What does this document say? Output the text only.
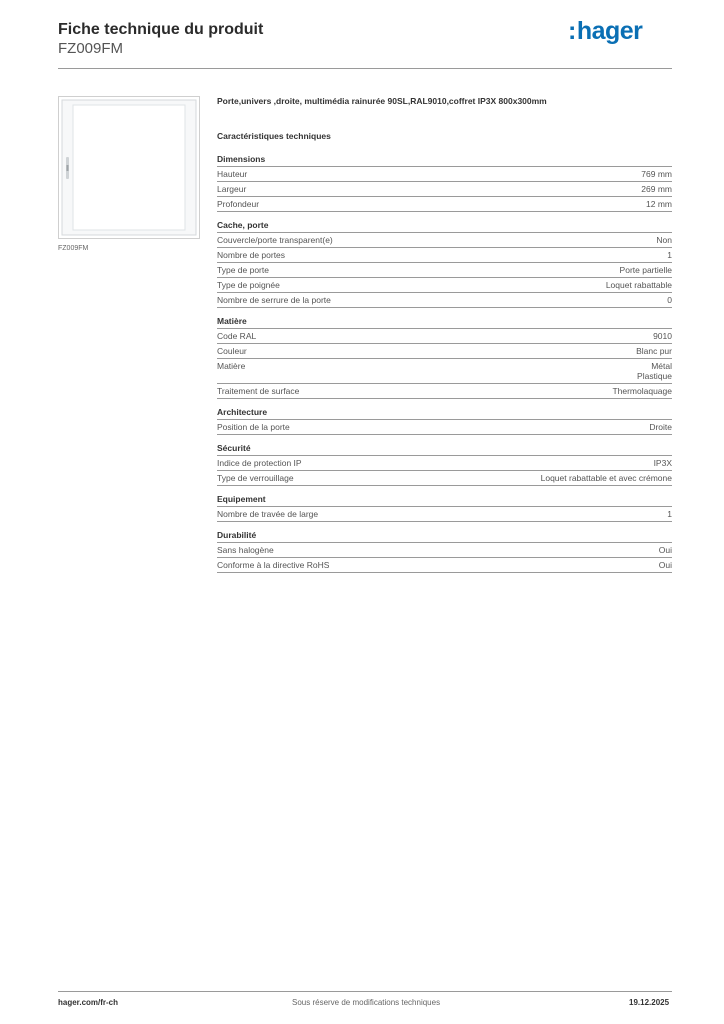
Fiche technique du produit
FZ009FM
:hager
FZ009FM
Porte,univers ,droite, multimédia rainurée 90SL,RAL9010,coffret IP3X 800x300mm
Caractéristiques techniques
Dimensions
Hauteur	769 mm
Largeur	269 mm
Profondeur	12 mm
Cache, porte
Couvercle/porte transparent(e)	Non
Nombre de portes	1
Type de porte	Porte partielle
Type de poignée	Loquet rabattable
Nombre de serrure de la porte	0
Matière
Code RAL	9010
Couleur	Blanc pur
Matière	Métal
Plastique
Traitement de surface	Thermolaquage
Architecture
Position de la porte	Droite
Sécurité
Indice de protection IP	IP3X
Type de verrouillage	Loquet rabattable et avec crémone
Equipement
Nombre de travée de large	1
Durabilité
Sans halogène	Oui
Conforme à la directive RoHS	Oui
hager.com/fr-ch	Sous réserve de modifications techniques	19.12.2025
